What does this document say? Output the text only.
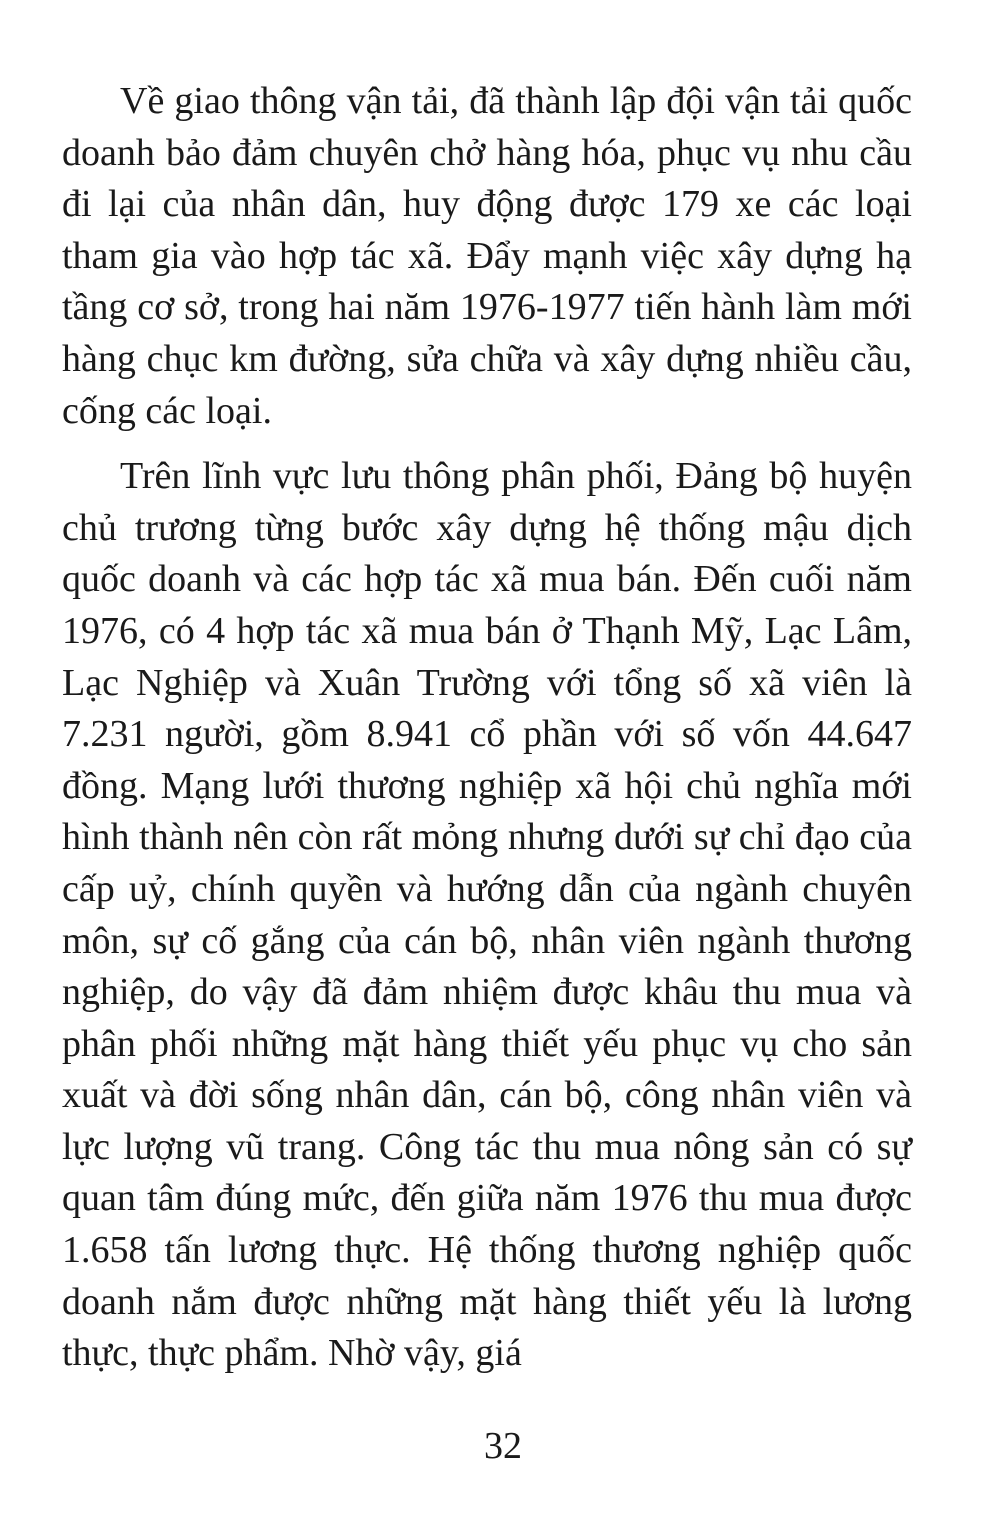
Về giao thông vận tải, đã thành lập đội vận tải quốc doanh bảo đảm chuyên chở hàng hóa, phục vụ nhu cầu đi lại của nhân dân, huy động được 179 xe các loại tham gia vào hợp tác xã. Đẩy mạnh việc xây dựng hạ tầng cơ sở, trong hai năm 1976-1977 tiến hành làm mới hàng chục km đường, sửa chữa và xây dựng nhiều cầu, cống các loại.

Trên lĩnh vực lưu thông phân phối, Đảng bộ huyện chủ trương từng bước xây dựng hệ thống mậu dịch quốc doanh và các hợp tác xã mua bán. Đến cuối năm 1976, có 4 hợp tác xã mua bán ở Thạnh Mỹ, Lạc Lâm, Lạc Nghiệp và Xuân Trường với tổng số xã viên là 7.231 người, gồm 8.941 cổ phần với số vốn 44.647 đồng. Mạng lưới thương nghiệp xã hội chủ nghĩa mới hình thành nên còn rất mỏng nhưng dưới sự chỉ đạo của cấp uỷ, chính quyền và hướng dẫn của ngành chuyên môn, sự cố gắng của cán bộ, nhân viên ngành thương nghiệp, do vậy đã đảm nhiệm được khâu thu mua và phân phối những mặt hàng thiết yếu phục vụ cho sản xuất và đời sống nhân dân, cán bộ, công nhân viên và lực lượng vũ trang. Công tác thu mua nông sản có sự quan tâm đúng mức, đến giữa năm 1976 thu mua được 1.658 tấn lương thực. Hệ thống thương nghiệp quốc doanh nắm được những mặt hàng thiết yếu là lương thực, thực phẩm. Nhờ vậy, giá

32
